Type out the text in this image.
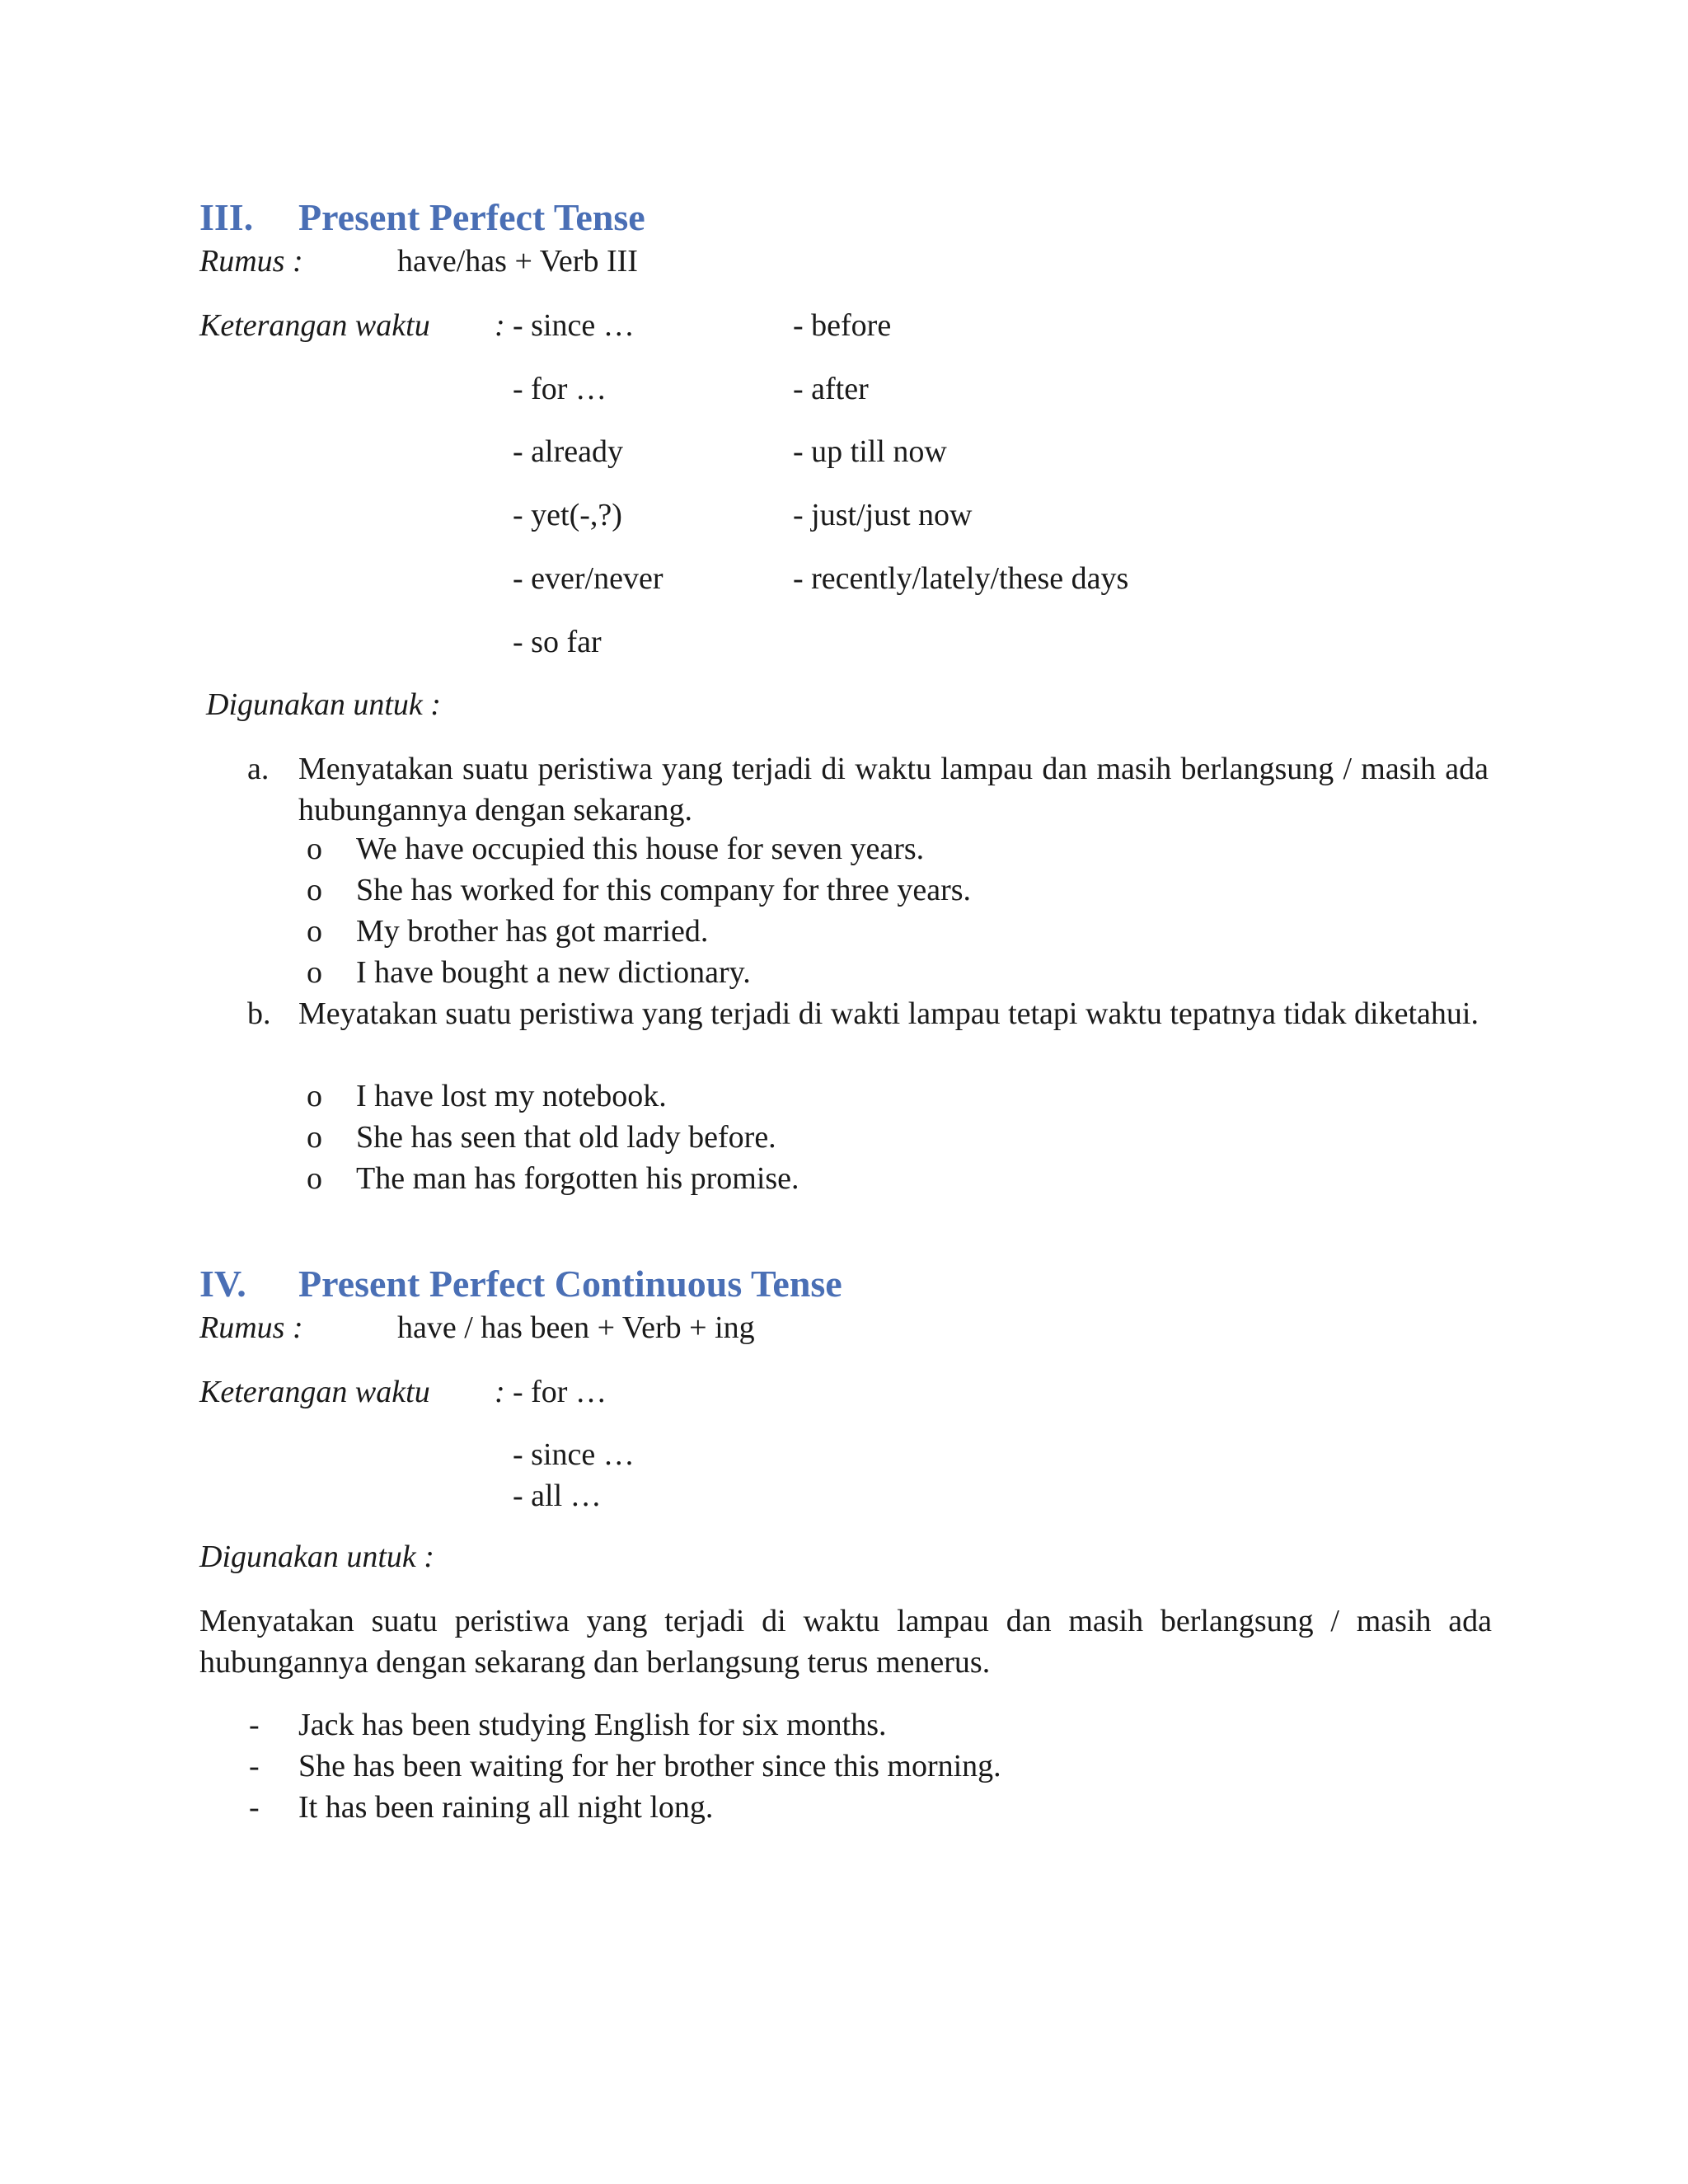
III. Present Perfect Tense
Rumus :	have/has + Verb III
Keterangan waktu : - since …
- for …
- already
- yet(-,?)
- ever/never
- so far
- before
- after
- up till now
- just/just now
- recently/lately/these days
Digunakan untuk :
a. Menyatakan suatu peristiwa yang terjadi di waktu lampau dan masih berlangsung / masih ada hubungannya dengan sekarang.
o We have occupied this house for seven years.
o She has worked for this company for three years.
o My brother has got married.
o I have bought a new dictionary.
b. Meyatakan suatu peristiwa yang terjadi di wakti lampau tetapi waktu tepatnya tidak diketahui.
o I have lost my notebook.
o She has seen that old lady before.
o The man has forgotten his promise.
IV. Present Perfect Continuous Tense
Rumus :	have / has been + Verb + ing
Keterangan waktu : - for …
- since …
- all …
Digunakan untuk :
Menyatakan suatu peristiwa yang terjadi di waktu lampau dan masih berlangsung / masih ada hubungannya dengan sekarang dan berlangsung terus menerus.
- Jack has been studying English for six months.
- She has been waiting for her brother since this morning.
- It has been raining all night long.
